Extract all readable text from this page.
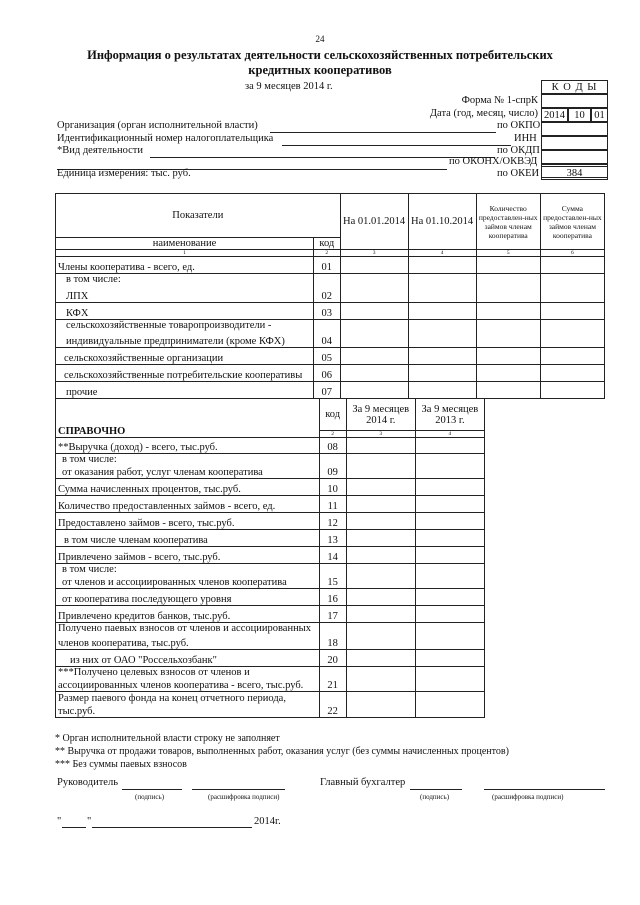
24
Информация о результатах деятельности сельскохозяйственных потребительских
кредитных кооперативов
за 9 месяцев 2014 г.	К О Д Ы
Форма № 1-спрК
Дата (год, месяц, число) 2014 10 01
Организация (орган исполнительной власти)	по ОКПО
Идентификационный номер налогоплательщика	ИНН
*Вид деятельности	по ОКДП
по ОКОНХ/ОКВЭД
Единица измерения: тыс. руб.	по ОКЕИ	384
Показатели		На 01.01.2014	На 01.10.2014	Количество предоставлен-ных займов членам кооператива	Сумма предоставлен-ных займов членам кооператива
наименование	код				
1	2	3	4	5	6
Члены кооператива - всего, ед.	01				

в том числе:
ЛПХ	02				
КФХ	03				

сельскохозяйственные товаропроизводители -
индивидуальные предприниматели (кроме КФХ)	04				
сельскохозяйственные организации	05				
сельскохозяйственные потребительские кооперативы	06				
прочие	07				
СПРАВОЧНО	код	За 9 месяцев 2014 г.	За 9 месяцев 2013 г.
	2	3	4
**Выручка (доход) - всего, тыс.руб.	08		

в том числе:
от оказания работ, услуг членам кооператива	09		
Сумма начисленных процентов, тыс.руб.	10		
Количество предоставленных займов - всего, ед.	11		
Предоставлено займов - всего, тыс.руб.	12		
в том числе членам кооператива	13		
Привлечено займов - всего, тыс.руб.	14		

в том числе:
от членов и ассоциированных членов кооператива	15		
от кооператива последующего уровня	16		
Привлечено кредитов банков, тыс.руб.	17		

Получено паевых взносов от членов и ассоциированных
членов кооператива, тыс.руб.	18		
из них от ОАО "Россельхозбанк"	20		

***Получено целевых взносов от членов и
ассоциированных членов кооператива - всего, тыс.руб.	21		

Размер паевого фонда на конец отчетного периода,
тыс.руб.	22		
* Орган исполнительной власти строку не заполняет
** Выручка от продажи товаров, выполненных работ, оказания услуг (без суммы начисленных процентов)
*** Без суммы паевых взносов
Руководитель
(подпись)	(расшифровка подписи)
Главный бухгалтер
(подпись)	(расшифровка подписи)
" "	2014г.
